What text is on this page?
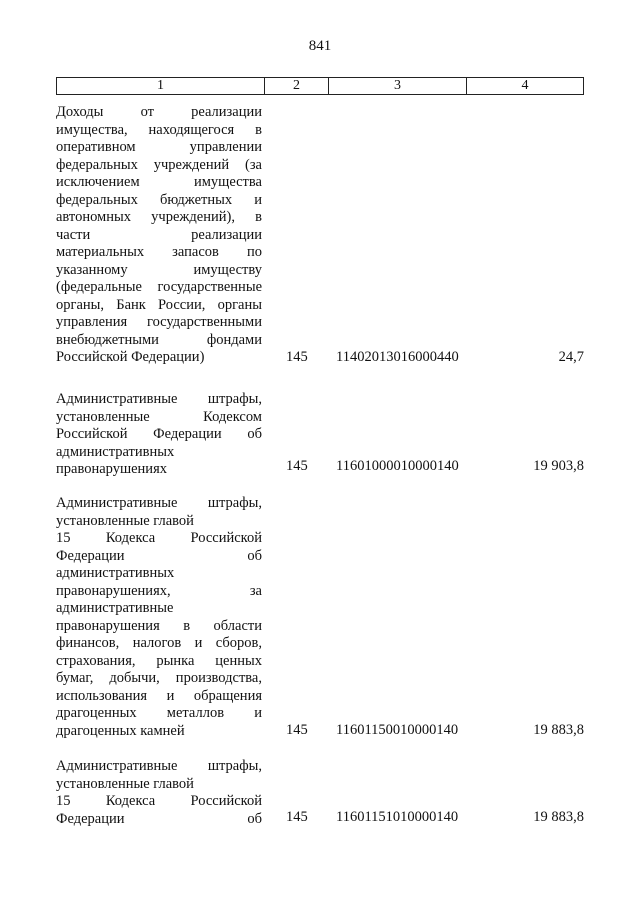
841
1	2	3	4
Доходы от реализации
имущества, находящегося в
оперативном управлении
федеральных учреждений (за
исключением имущества
федеральных бюджетных и
автономных учреждений), в
части реализации
материальных запасов по
указанному имуществу
(федеральные государственные
органы, Банк России, органы
управления государственными
внебюджетными фондами
Российской Федерации)	145	11402013016000440	24,7
Административные штрафы,
установленные Кодексом
Российской Федерации об
административных
правонарушениях	145	11601000010000140	19 903,8
Административные штрафы,
установленные главой
15 Кодекса Российской
Федерации об
административных
правонарушениях, за
административные
правонарушения в области
финансов, налогов и сборов,
страхования, рынка ценных
бумаг, добычи, производства,
использования и обращения
драгоценных металлов и
драгоценных камней	145	11601150010000140	19 883,8
Административные штрафы,
установленные главой
15 Кодекса Российской
Федерации об 145	11601151010000140	19 883,8
